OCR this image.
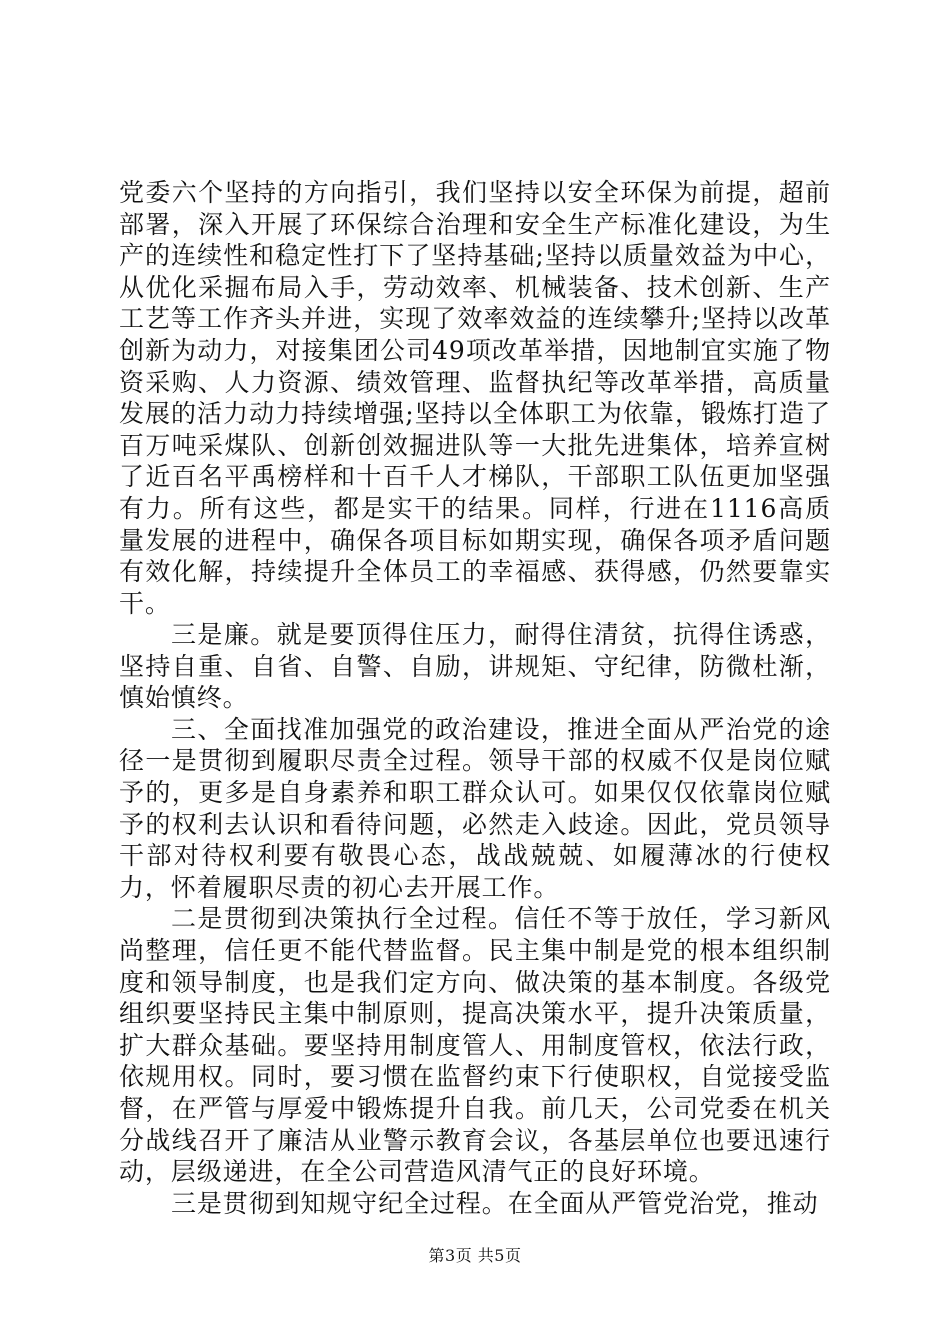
党委六个坚持的方向指引，我们坚持以安全环保为前提，超前部署，深入开展了环保综合治理和安全生产标准化建设，为生产的连续性和稳定性打下了坚持基础;坚持以质量效益为中心，从优化采掘布局入手，劳动效率、机械装备、技术创新、生产工艺等工作齐头并进，实现了效率效益的连续攀升;坚持以改革创新为动力，对接集团公司49项改革举措，因地制宜实施了物资采购、人力资源、绩效管理、监督执纪等改革举措，高质量发展的活力动力持续增强;坚持以全体职工为依靠，锻炼打造了百万吨采煤队、创新创效掘进队等一大批先进集体，培养宣树了近百名平禹榜样和十百千人才梯队，干部职工队伍更加坚强有力。所有这些，都是实干的结果。同样，行进在1116高质量发展的进程中，确保各项目标如期实现，确保各项矛盾问题有效化解，持续提升全体员工的幸福感、获得感，仍然要靠实干。

三是廉。就是要顶得住压力，耐得住清贫，抗得住诱惑，坚持自重、自省、自警、自励，讲规矩、守纪律，防微杜渐，慎始慎终。

三、全面找准加强党的政治建设，推进全面从严治党的途径一是贯彻到履职尽责全过程。领导干部的权威不仅是岗位赋予的，更多是自身素养和职工群众认可。如果仅仅依靠岗位赋予的权利去认识和看待问题，必然走入歧途。因此，党员领导干部对待权利要有敬畏心态，战战兢兢、如履薄冰的行使权力，怀着履职尽责的初心去开展工作。

二是贯彻到决策执行全过程。信任不等于放任，学习新风尚整理，信任更不能代替监督。民主集中制是党的根本组织制度和领导制度，也是我们定方向、做决策的基本制度。各级党组织要坚持民主集中制原则，提高决策水平，提升决策质量，扩大群众基础。要坚持用制度管人、用制度管权，依法行政，依规用权。同时，要习惯在监督约束下行使职权，自觉接受监督，在严管与厚爱中锻炼提升自我。前几天，公司党委在机关分战线召开了廉洁从业警示教育会议，各基层单位也要迅速行动，层级递进，在全公司营造风清气正的良好环境。

三是贯彻到知规守纪全过程。在全面从严管党治党，推动

第3页 共5页
